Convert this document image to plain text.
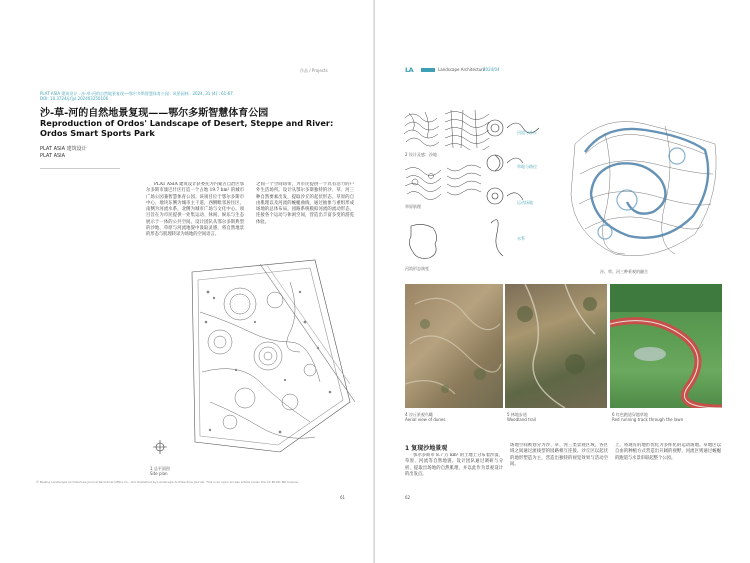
作品 / Projects
PLAT ASIA 建筑设计 . 沙-草-河的自然地景复现──鄂尔多斯智慧体育公园 . 风景园林 . 2024, 31 (4) : 61-67.
DOI: 10.3724/j.fjyl.202403250106
沙-草-河的自然地景复现——鄂尔多斯智慧体育公园
Reproduction of Ordos' Landscape of Desert, Steppe and River: Ordos Smart Sports Park
PLAT ASIA 建筑设计
PLAT ASIA
PLAT ASIA 建筑设计获委托为内蒙古自治区鄂尔多斯市康巴什区打造一个占地 19.7 hm² 的城市广场公园兼智慧体育公园。该项目位于鄂尔多斯市中心，地块东侧为城市主干道，西侧毗邻居住区，南侧为河流水系，北侧为城市广场与文化中心。项目旨在为市民提供一处集运动、休闲、娱乐与生态展示于一体的公共空间。设计团队从鄂尔多斯典型的沙地、草原与河流地貌中汲取灵感，将自然地景的形态与肌理转译为场地的空间语言。
之间一个空间纽带，为市民提供一个具有活力的户外生活场所。设计从鄂尔多斯独特的沙、草、河三种自然要素出发，提取沙丘的起伏形态、草原的自由肌理以及河流的蜿蜒曲线，通过抽象与重组形成场地的总体布局。园路系统模拟河流的流动形态，连接各个运动与休闲空间，营造出丰富多变的游览体验。
1 总平面图
Site plan
© Beijing Landscape Architecture Journal Periodical Office Co., Ltd. Published by Landscape Architecture Journal. This is an open access article under the CC BY-NC-ND license.
61
LA	Landscape Architecture
2024/04
2 设计灵感：沙地
草原肌理
河流形态演变
河流与沙丘
草地与路径
运动场地
水系
沙、草、河三种景观的融合
4 沙丘景观鸟瞰
Aerial view of dunes
5 林地步道
Woodland trail
6 红色跑道穿越草地
Red running track through the lawn
1 复现沙地景观
鄂尔多斯市 8.7 万 km² 的土地上分布着沙漠、草原、河流等自然地貌。设计团队通过调研与分析，提取出场地的自然肌理，并以此作为景观设计的出发点。
场地空间被划分为沙、草、河三类景观区域，各区域之间通过流线型的园路相互连接。沙丘区以起伏的地形塑造为主，营造出独特的视觉效果与活动空间。
上，将现有的地形优化为多样化的运动场地。草地区以自由的种植方式营造出开阔的视野，河流区则通过蜿蜒的跑道与水景串联起整个公园。
62
